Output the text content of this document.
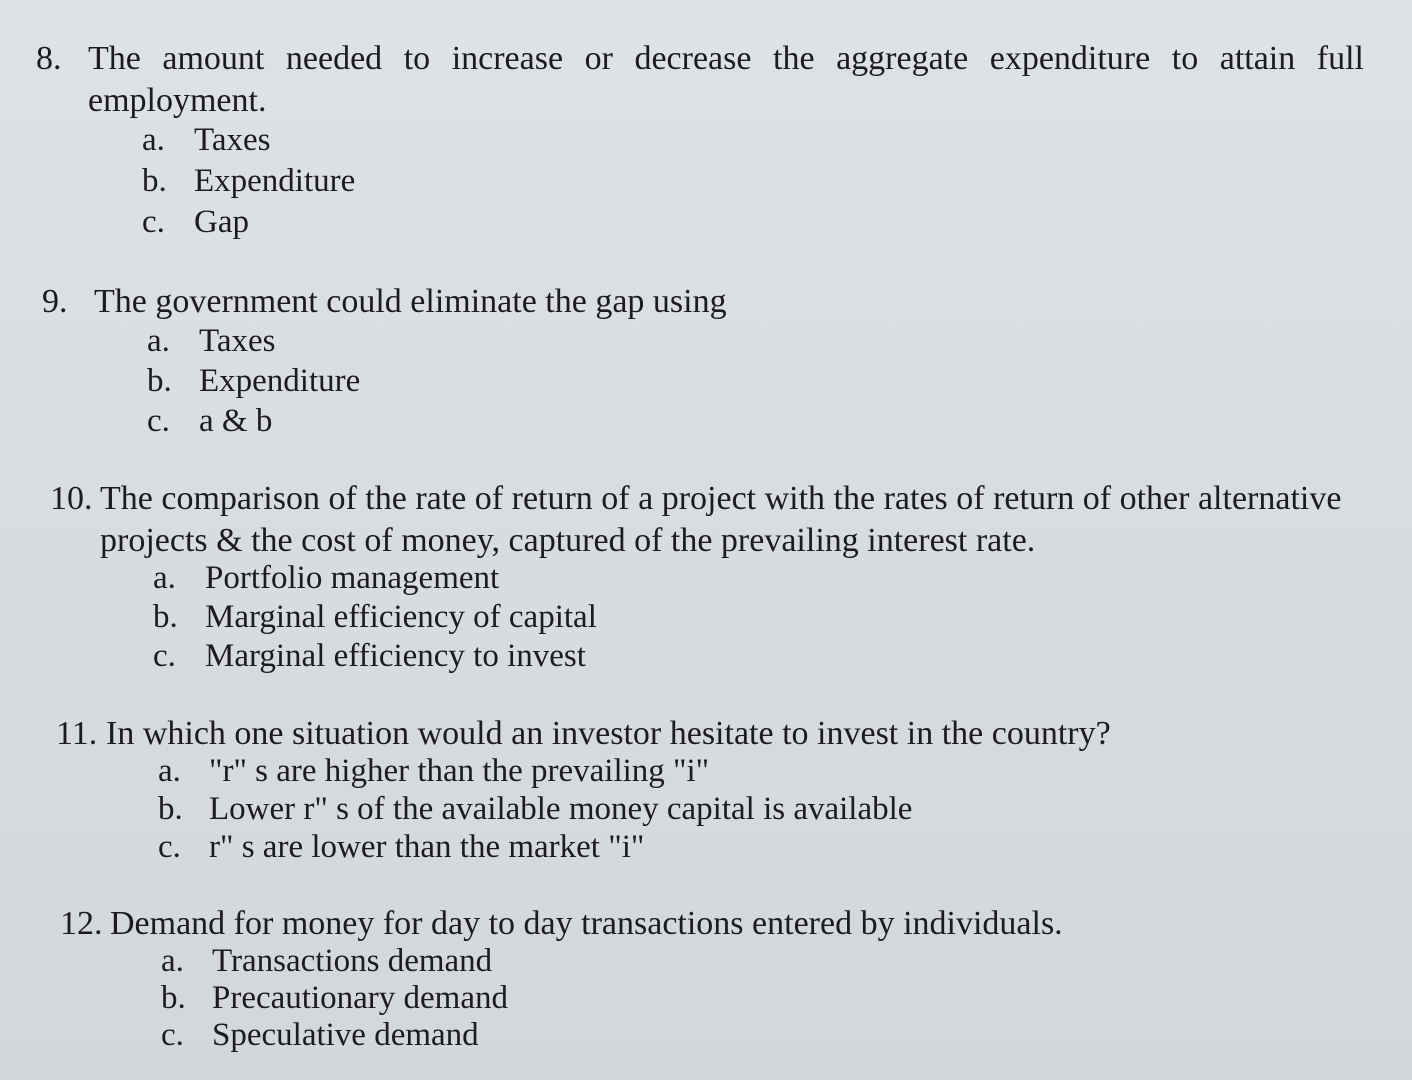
8. The amount needed to increase or decrease the aggregate expenditure to attain full employment.
a. Taxes
b. Expenditure
c. Gap
9. The government could eliminate the gap using
a. Taxes
b. Expenditure
c. a & b
10. The comparison of the rate of return of a project with the rates of return of other alternative projects & the cost of money, captured of the prevailing interest rate.
a. Portfolio management
b. Marginal efficiency of capital
c. Marginal efficiency to invest
11. In which one situation would an investor hesitate to invest in the country?
a. "r" s are higher than the prevailing "i"
b. Lower r" s of the available money capital is available
c. r" s are lower than the market "i"
12. Demand for money for day to day transactions entered by individuals.
a. Transactions demand
b. Precautionary demand
c. Speculative demand
